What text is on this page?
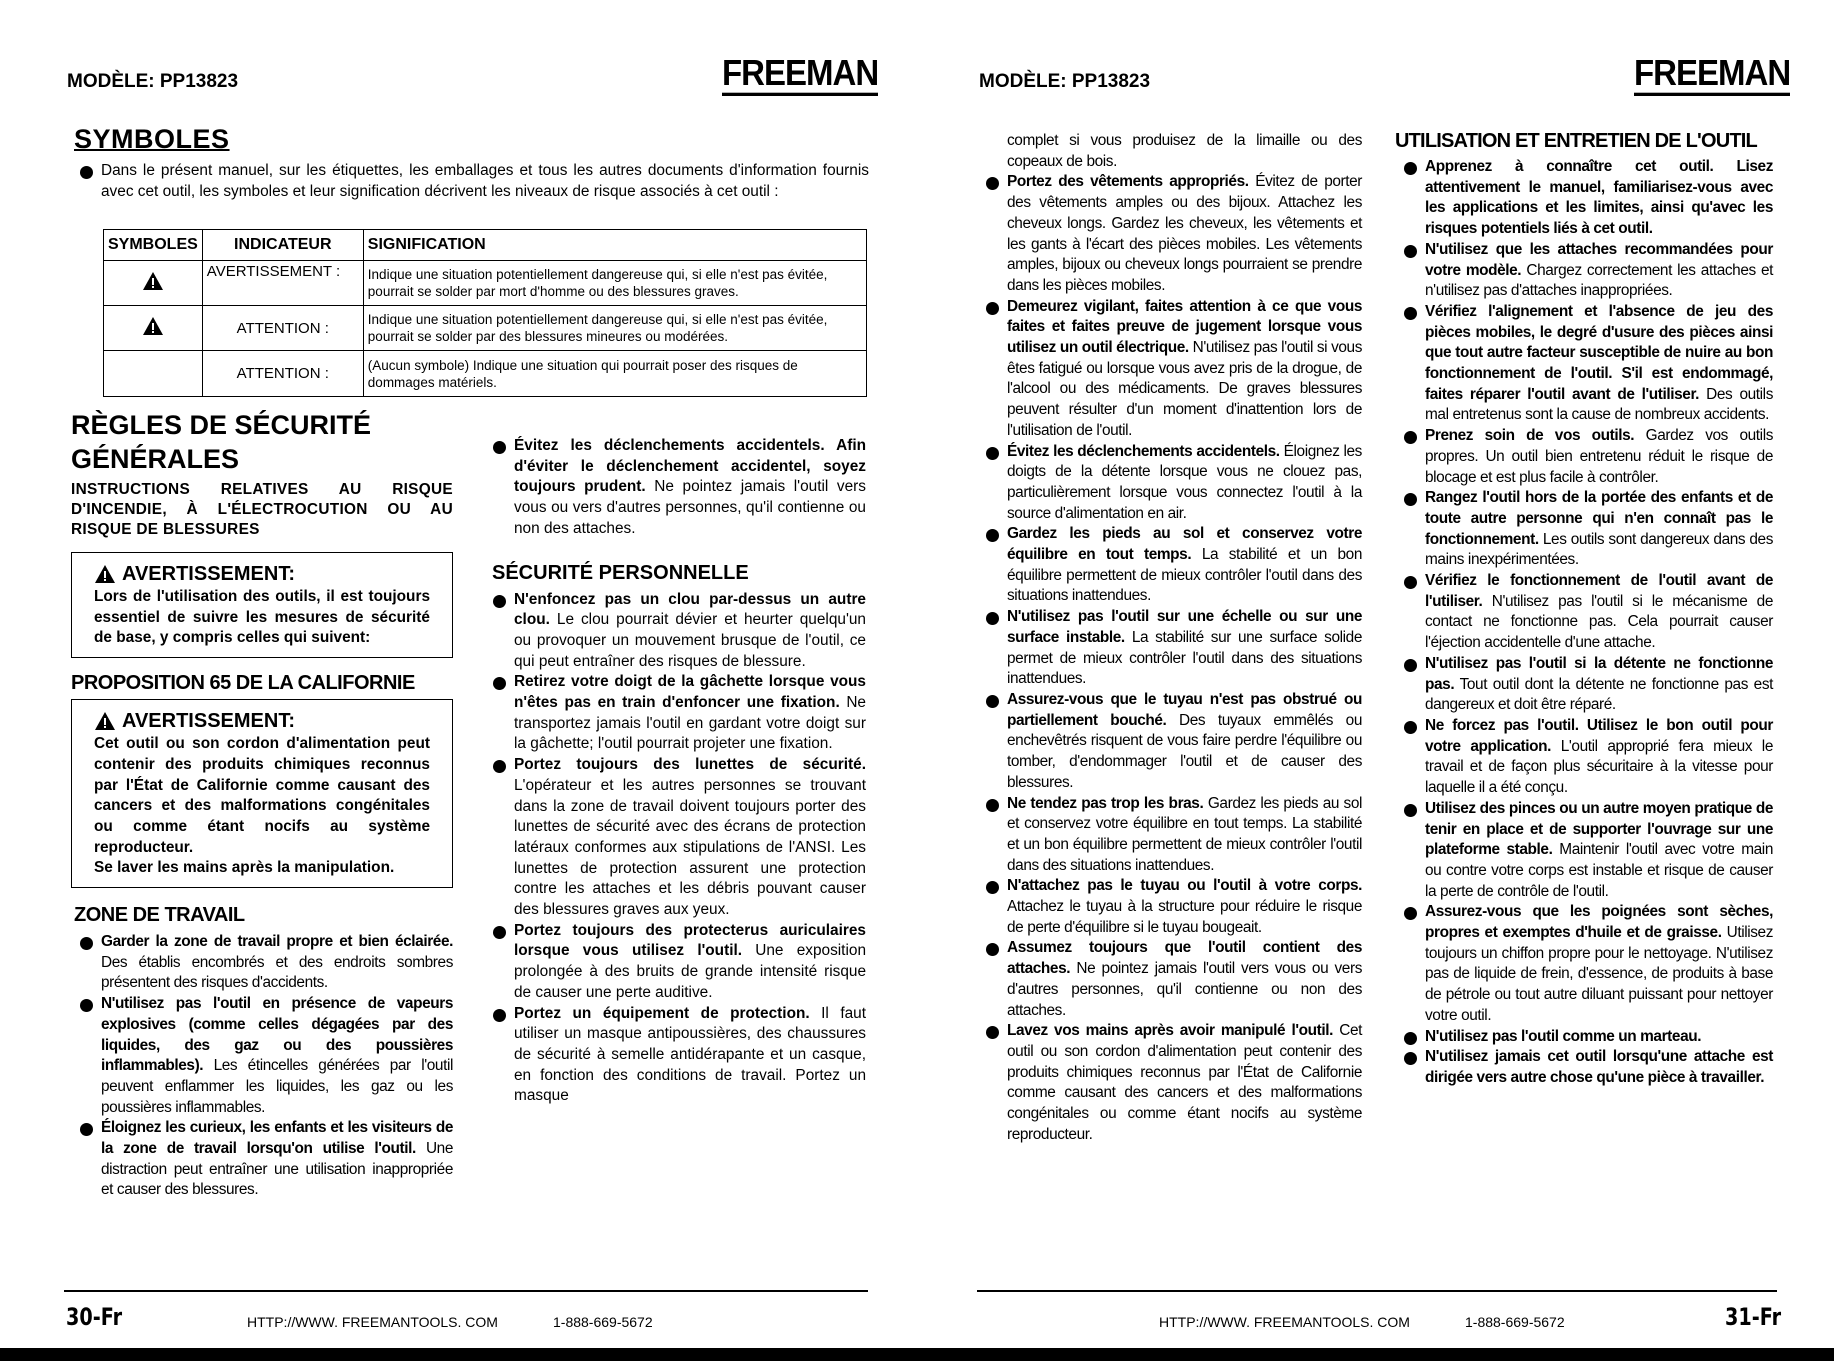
MODÈLE: PP13823	FREEMAN
SYMBOLES
Dans le présent manuel, sur les étiquettes, les emballages et tous les autres documents d'information fournis avec cet outil, les symboles et leur signification décrivent les niveaux de risque associés à cet outil :
SYMBOLES	INDICATEUR	SIGNIFICATION
	AVERTISSEMENT :	Indique une situation potentiellement dangereuse qui, si elle n'est pas évitée, pourrait se solder par mort d'homme ou des blessures graves.
	ATTENTION :	Indique une situation potentiellement dangereuse qui, si elle n'est pas évitée, pourrait se solder par des blessures mineures ou modérées.
	ATTENTION :	(Aucun symbole) Indique une situation qui pourrait poser des risques de dommages matériels.
RÈGLES DE SÉCURITÉ
GÉNÉRALES
INSTRUCTIONS RELATIVES AU RISQUE D'INCENDIE, À L'ÉLECTROCUTION OU AU RISQUE DE BLESSURES
AVERTISSEMENT:
Lors de l'utilisation des outils, il est toujours essentiel de suivre les mesures de sécurité de base, y compris celles qui suivent:
PROPOSITION 65 DE LA CALIFORNIE
AVERTISSEMENT:
Cet outil ou son cordon d'alimentation peut contenir des produits chimiques reconnus par l'État de Californie comme causant des cancers et des malformations congénitales ou comme étant nocifs au système reproducteur.
Se laver les mains après la manipulation.
ZONE DE TRAVAIL
Garder la zone de travail propre et bien éclairée. Des établis encombrés et des endroits sombres présentent des risques d'accidents.
N'utilisez pas l'outil en présence de vapeurs explosives (comme celles dégagées par des liquides, des gaz ou des poussières inflammables). Les étincelles générées par l'outil peuvent enflammer les liquides, les gaz ou les poussières inflammables.
Éloignez les curieux, les enfants et les visiteurs de la zone de travail lorsqu'on utilise l'outil. Une distraction peut entraîner une utilisation inappropriée et causer des blessures.
Évitez les déclenchements accidentels. Afin d'éviter le déclenchement accidentel, soyez toujours prudent. Ne pointez jamais l'outil vers vous ou vers d'autres personnes, qu'il contienne ou non des attaches.
SÉCURITÉ PERSONNELLE
N'enfoncez pas un clou par-dessus un autre clou. Le clou pourrait dévier et heurter quelqu'un ou provoquer un mouvement brusque de l'outil, ce qui peut entraîner des risques de blessure.
Retirez votre doigt de la gâchette lorsque vous n'êtes pas en train d'enfoncer une fixation. Ne transportez jamais l'outil en gardant votre doigt sur la gâchette; l'outil pourrait projeter une fixation.
Portez toujours des lunettes de sécurité. L'opérateur et les autres personnes se trouvant dans la zone de travail doivent toujours porter des lunettes de sécurité avec des écrans de protection latéraux conformes aux stipulations de l'ANSI. Les lunettes de protection assurent une protection contre les attaches et les débris pouvant causer des blessures graves aux yeux.
Portez toujours des protecterus auriculaires lorsque vous utilisez l'outil. Une exposition prolongée à des bruits de grande intensité risque de causer une perte auditive.
Portez un équipement de protection. Il faut utiliser un masque antipoussières, des chaussures de sécurité à semelle antidérapante et un casque, en fonction des conditions de travail. Portez un masque
30-Fr	HTTP://WWW. FREEMANTOOLS. COM	1-888-669-5672
MODÈLE: PP13823	FREEMAN
complet si vous produisez de la limaille ou des copeaux de bois.
Portez des vêtements appropriés. Évitez de porter des vêtements amples ou des bijoux. Attachez les cheveux longs. Gardez les cheveux, les vêtements et les gants à l'écart des pièces mobiles. Les vêtements amples, bijoux ou cheveux longs pourraient se prendre dans les pièces mobiles.
Demeurez vigilant, faites attention à ce que vous faites et faites preuve de jugement lorsque vous utilisez un outil électrique. N'utilisez pas l'outil si vous êtes fatigué ou lorsque vous avez pris de la drogue, de l'alcool ou des médicaments. De graves blessures peuvent résulter d'un moment d'inattention lors de l'utilisation de l'outil.
Évitez les déclenchements accidentels. Éloignez les doigts de la détente lorsque vous ne clouez pas, particulièrement lorsque vous connectez l'outil à la source d'alimentation en air.
Gardez les pieds au sol et conservez votre équilibre en tout temps. La stabilité et un bon équilibre permettent de mieux contrôler l'outil dans des situations inattendues.
N'utilisez pas l'outil sur une échelle ou sur une surface instable. La stabilité sur une surface solide permet de mieux contrôler l'outil dans des situations inattendues.
Assurez-vous que le tuyau n'est pas obstrué ou partiellement bouché. Des tuyaux emmêlés ou enchevêtrés risquent de vous faire perdre l'équilibre ou tomber, d'endommager l'outil et de causer des blessures.
Ne tendez pas trop les bras. Gardez les pieds au sol et conservez votre équilibre en tout temps. La stabilité et un bon équilibre permettent de mieux contrôler l'outil dans des situations inattendues.
N'attachez pas le tuyau ou l'outil à votre corps. Attachez le tuyau à la structure pour réduire le risque de perte d'équilibre si le tuyau bougeait.
Assumez toujours que l'outil contient des attaches. Ne pointez jamais l'outil vers vous ou vers d'autres personnes, qu'il contienne ou non des attaches.
Lavez vos mains après avoir manipulé l'outil. Cet outil ou son cordon d'alimentation peut contenir des produits chimiques reconnus par l'État de Californie comme causant des cancers et des malformations congénitales ou comme étant nocifs au système reproducteur.
UTILISATION ET ENTRETIEN DE L'OUTIL
Apprenez à connaître cet outil. Lisez attentivement le manuel, familiarisez-vous avec les applications et les limites, ainsi qu'avec les risques potentiels liés à cet outil.
N'utilisez que les attaches recommandées pour votre modèle. Chargez correctement les attaches et n'utilisez pas d'attaches inappropriées.
Vérifiez l'alignement et l'absence de jeu des pièces mobiles, le degré d'usure des pièces ainsi que tout autre facteur susceptible de nuire au bon fonctionnement de l'outil. S'il est endommagé, faites réparer l'outil avant de l'utiliser. Des outils mal entretenus sont la cause de nombreux accidents.
Prenez soin de vos outils. Gardez vos outils propres. Un outil bien entretenu réduit le risque de blocage et est plus facile à contrôler.
Rangez l'outil hors de la portée des enfants et de toute autre personne qui n'en connaît pas le fonctionnement. Les outils sont dangereux dans des mains inexpérimentées.
Vérifiez le fonctionnement de l'outil avant de l'utiliser. N'utilisez pas l'outil si le mécanisme de contact ne fonctionne pas. Cela pourrait causer l'éjection accidentelle d'une attache.
N'utilisez pas l'outil si la détente ne fonctionne pas. Tout outil dont la détente ne fonctionne pas est dangereux et doit être réparé.
Ne forcez pas l'outil. Utilisez le bon outil pour votre application. L'outil approprié fera mieux le travail et de façon plus sécuritaire à la vitesse pour laquelle il a été conçu.
Utilisez des pinces ou un autre moyen pratique de tenir en place et de supporter l'ouvrage sur une plateforme stable. Maintenir l'outil avec votre main ou contre votre corps est instable et risque de causer la perte de contrôle de l'outil.
Assurez-vous que les poignées sont sèches, propres et exemptes d'huile et de graisse. Utilisez toujours un chiffon propre pour le nettoyage. N'utilisez pas de liquide de frein, d'essence, de produits à base de pétrole ou tout autre diluant puissant pour nettoyer votre outil.
N'utilisez pas l'outil comme un marteau.
N'utilisez jamais cet outil lorsqu'une attache est dirigée vers autre chose qu'une pièce à travailler.
HTTP://WWW. FREEMANTOOLS. COM	1-888-669-5672	31-Fr
